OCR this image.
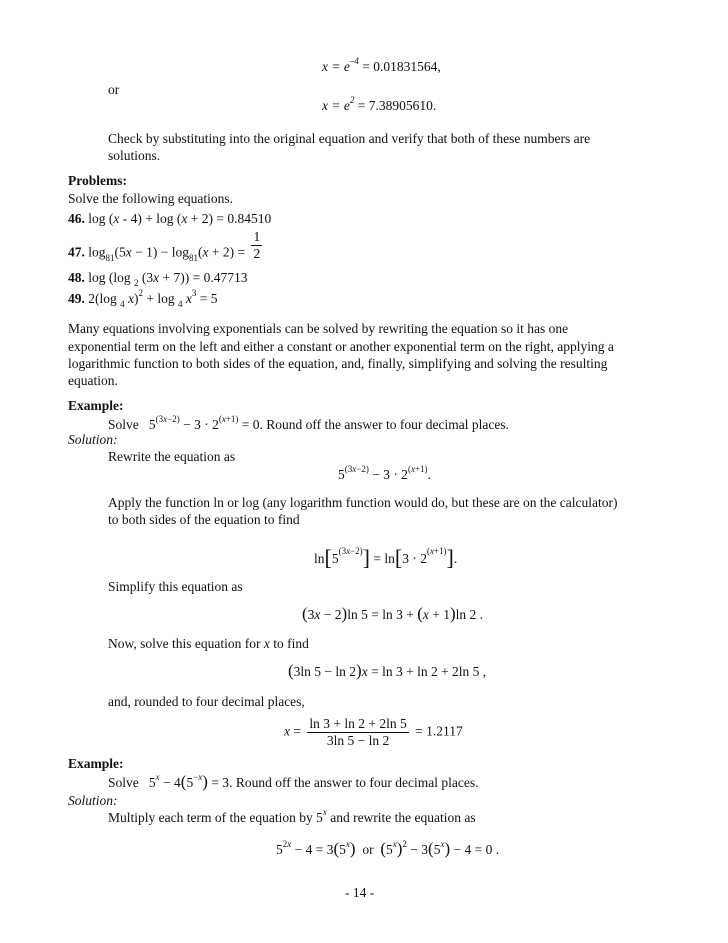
$x = e^{-4} = 0.01831564$,
or
$x = e^2 = 7.38905610$.
Check by substituting into the original equation and verify that both of these numbers are
solutions.
Problems:
Solve the following equations.
46. log (x - 4) + log (x + 2) = 0.84510
47. $\log_{81}(5x - 1) - \log_{81}(x + 2) = \frac{1}{2}$
48. log (log $_2$ (3x + 7)) = 0.47713
49. 2(log $_4$ x)$^2$ + log $_4$ $x^3 = 5$
Many equations involving exponentials can be solved by rewriting the equation so it has one
exponential term on the left and either a constant or another exponential term on the right, applying a
logarithmic function to both sides of the equation, and, finally, simplifying and solving the resulting
equation.
Example:
Solve   $5^{(3x-2)} - 3 \cdot 2^{(x+1)} = 0$. Round off the answer to four decimal places.
Solution:
Rewrite the equation as
$5^{(3x-2)} - 3 \cdot 2^{(x+1)}$.
Apply the function ln or log (any logarithm function would do, but these are on the calculator)
to both sides of the equation to find
$\ln[5^{(3x-2)}] = \ln[3 \cdot 2^{(x+1)}]$.
Simplify this equation as
(3x − 2)ln 5 = ln 3 + (x + 1)ln 2 .
Now, solve this equation for x to find
(3ln 5 − ln 2)x = ln 3 + ln 2 + 2ln 5 ,
and, rounded to four decimal places,
$x = \frac{\ln 3 + \ln 2 + 2\ln 5}{3\ln 5 - \ln 2} = 1.2117$
Example:
Solve   $5^x - 4(5^{-x}) = 3$. Round off the answer to four decimal places.
Solution:
Multiply each term of the equation by 5$^x$ and rewrite the equation as
$5^{2x} - 4 = 3(5^x)$  or  $(5^x)^2 - 3(5^x) - 4 = 0$ .
- 14 -
